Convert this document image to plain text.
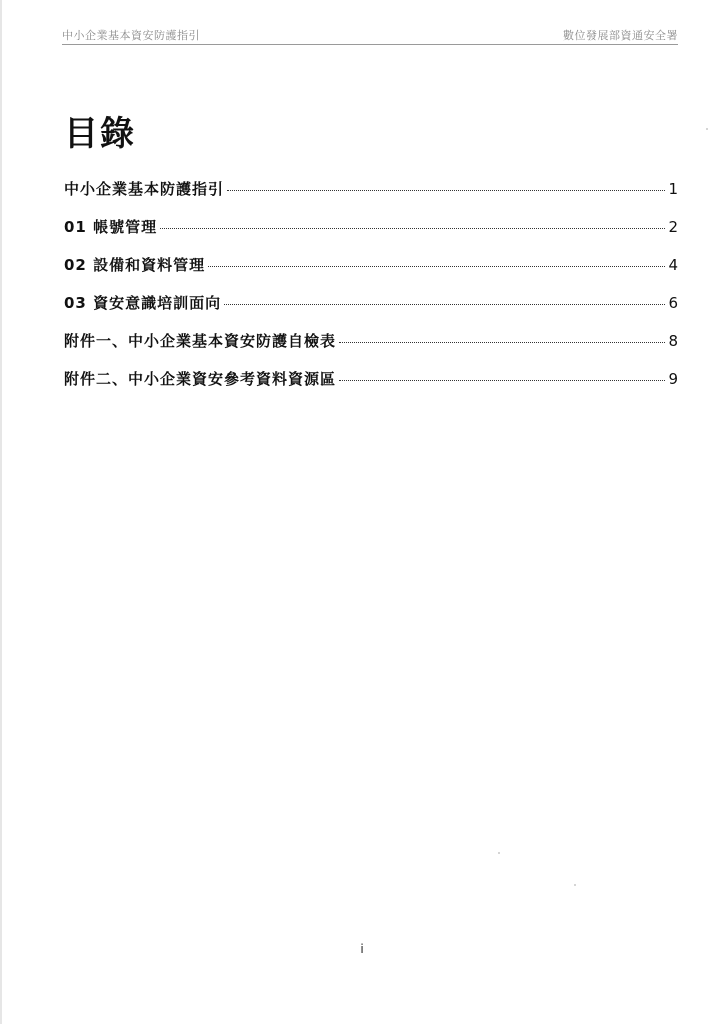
中小企業基本資安防護指引	數位發展部資通安全署
目錄
中小企業基本防護指引	1
01 帳號管理	2
02 設備和資料管理	4
03 資安意識培訓面向	6
附件一、中小企業基本資安防護自檢表	8
附件二、中小企業資安參考資料資源區	9
i
